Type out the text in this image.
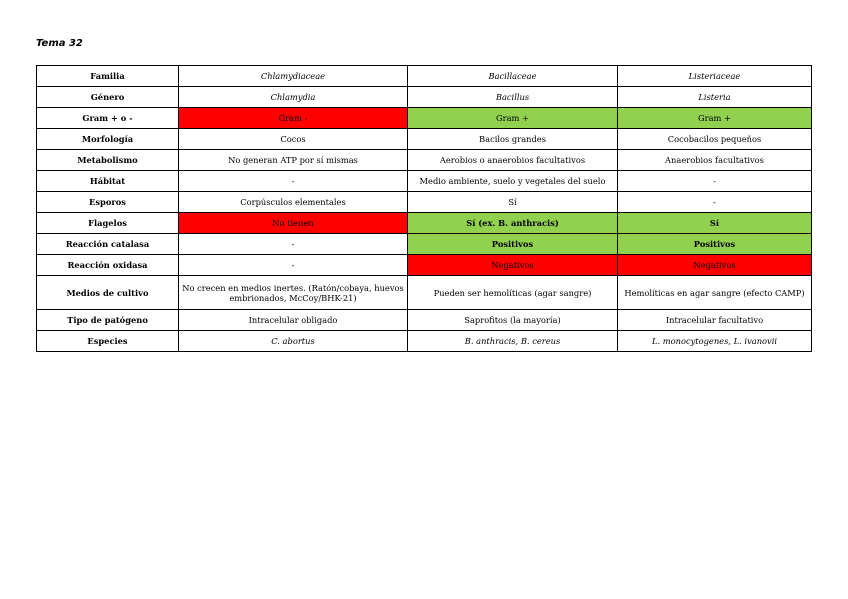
Tema 32
Familia	Chlamydiaceae	Bacillaceae	Listeriaceae
Género	Chlamydia	Bacillus	Listeria
Gram + o -	Gram -	Gram +	Gram +
Morfología	Cocos	Bacilos grandes	Cocobacilos pequeños
Metabolismo	No generan ATP por sí mismas	Aerobios o anaerobios facultativos	Anaerobios facultativos
Hábitat	-	Medio ambiente, suelo y vegetales del suelo	-
Esporos	Corpúsculos elementales	Sí	-
Flagelos	No tienen	Sí (ex. B. anthracis)	Sí
Reacción catalasa	-	Positivos	Positivos
Reacción oxidasa	-	Negativos	Negativos
Medios de cultivo	No crecen en medios inertes. (Ratón/cobaya, huevos embrionados, McCoy/BHK-21)	Pueden ser hemolíticas (agar sangre)	Hemolíticas en agar sangre (efecto CAMP)
Tipo de patógeno	Intracelular obligado	Saprofitos (la mayoría)	Intracelular facultativo
Especies	C. abortus	B. anthracis, B. cereus	L. monocytogenes, L. ivanovii
